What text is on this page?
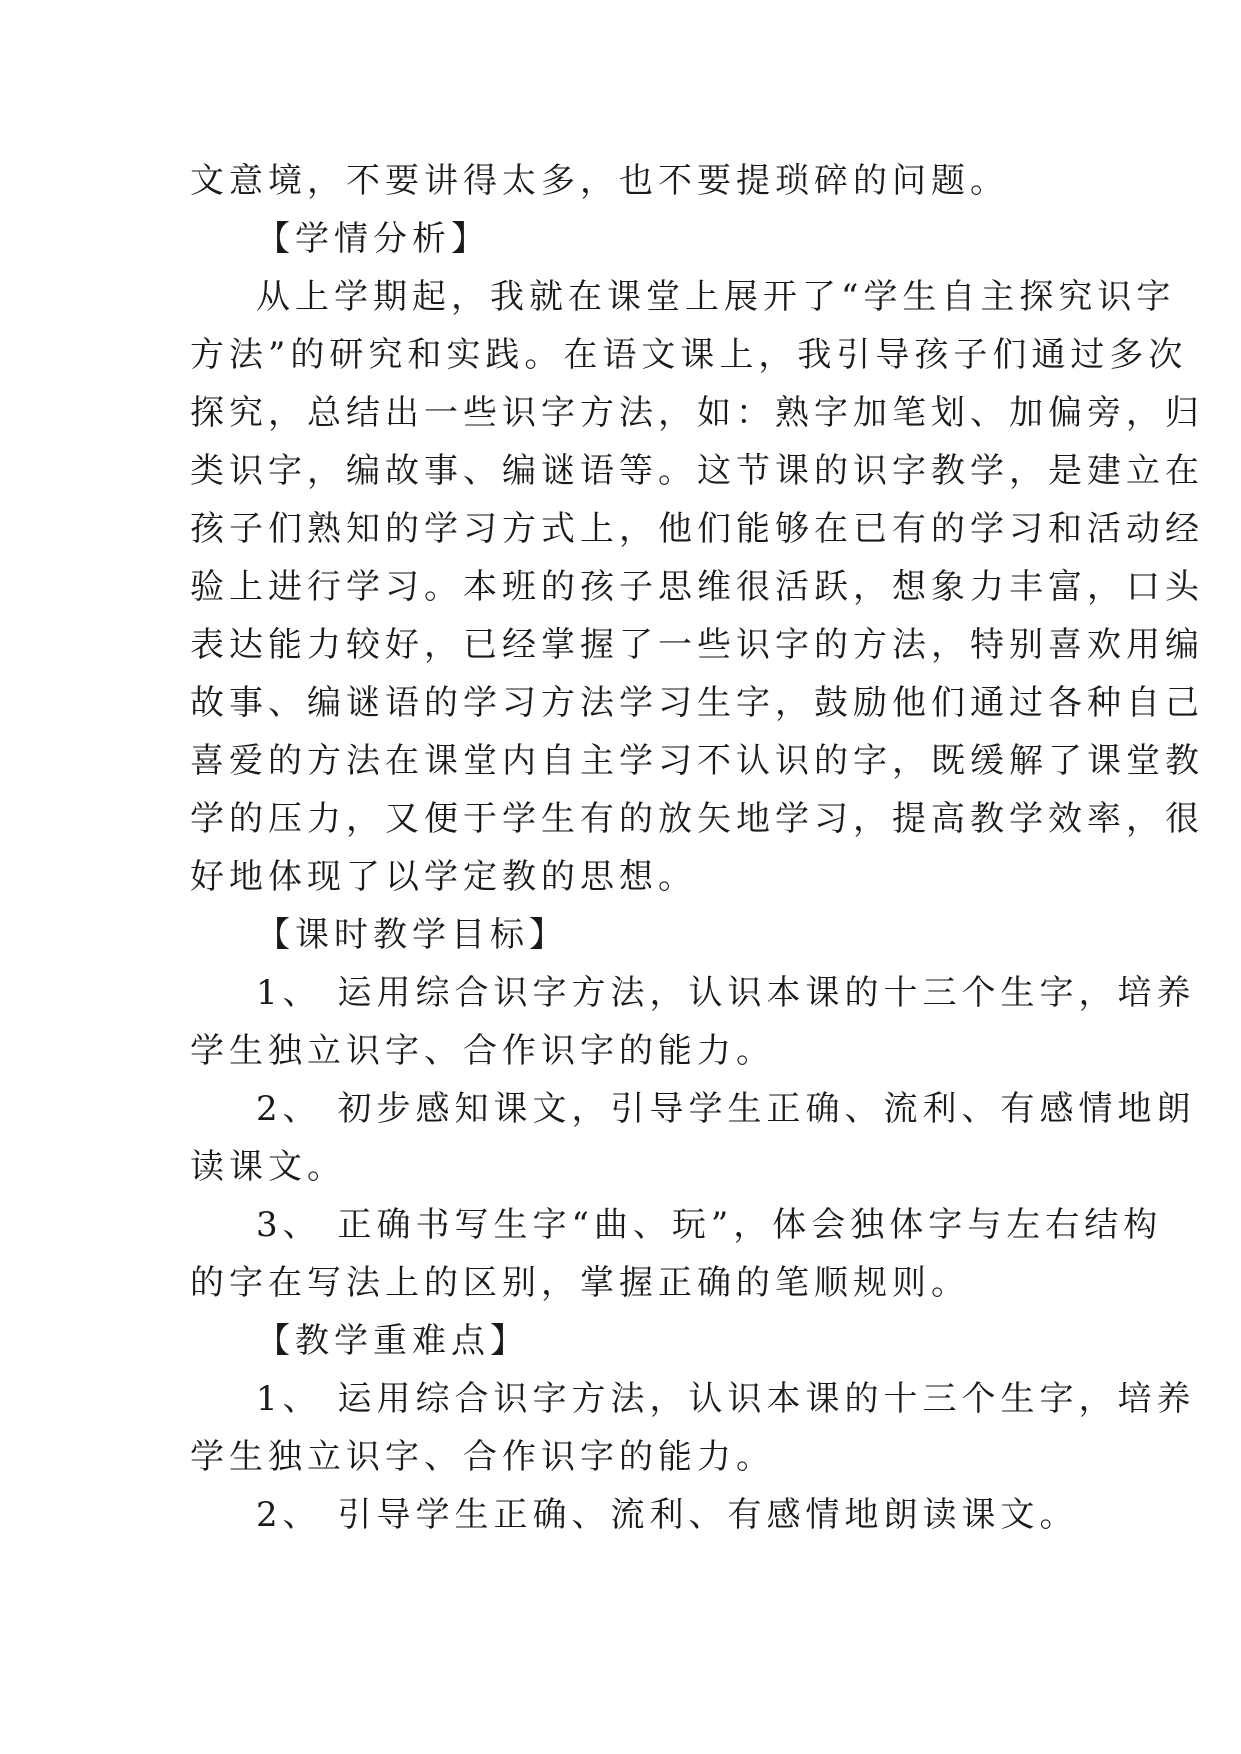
文意境，不要讲得太多，也不要提琐碎的问题。
【学情分析】
从上学期起，我就在课堂上展开了“学生自主探究识字
方法”的研究和实践。在语文课上，我引导孩子们通过多次
探究，总结出一些识字方法，如：熟字加笔划、加偏旁，归
类识字，编故事、编谜语等。这节课的识字教学，是建立在
孩子们熟知的学习方式上，他们能够在已有的学习和活动经
验上进行学习。本班的孩子思维很活跃，想象力丰富，口头
表达能力较好，已经掌握了一些识字的方法，特别喜欢用编
故事、编谜语的学习方法学习生字，鼓励他们通过各种自己
喜爱的方法在课堂内自主学习不认识的字，既缓解了课堂教
学的压力，又便于学生有的放矢地学习，提高教学效率，很
好地体现了以学定教的思想。
【课时教学目标】
1、 运用综合识字方法，认识本课的十三个生字，培养
学生独立识字、合作识字的能力。
2、 初步感知课文，引导学生正确、流利、有感情地朗
读课文。
3、 正确书写生字“曲、玩”，体会独体字与左右结构
的字在写法上的区别，掌握正确的笔顺规则。
【教学重难点】
1、 运用综合识字方法，认识本课的十三个生字，培养
学生独立识字、合作识字的能力。
2、 引导学生正确、流利、有感情地朗读课文。
